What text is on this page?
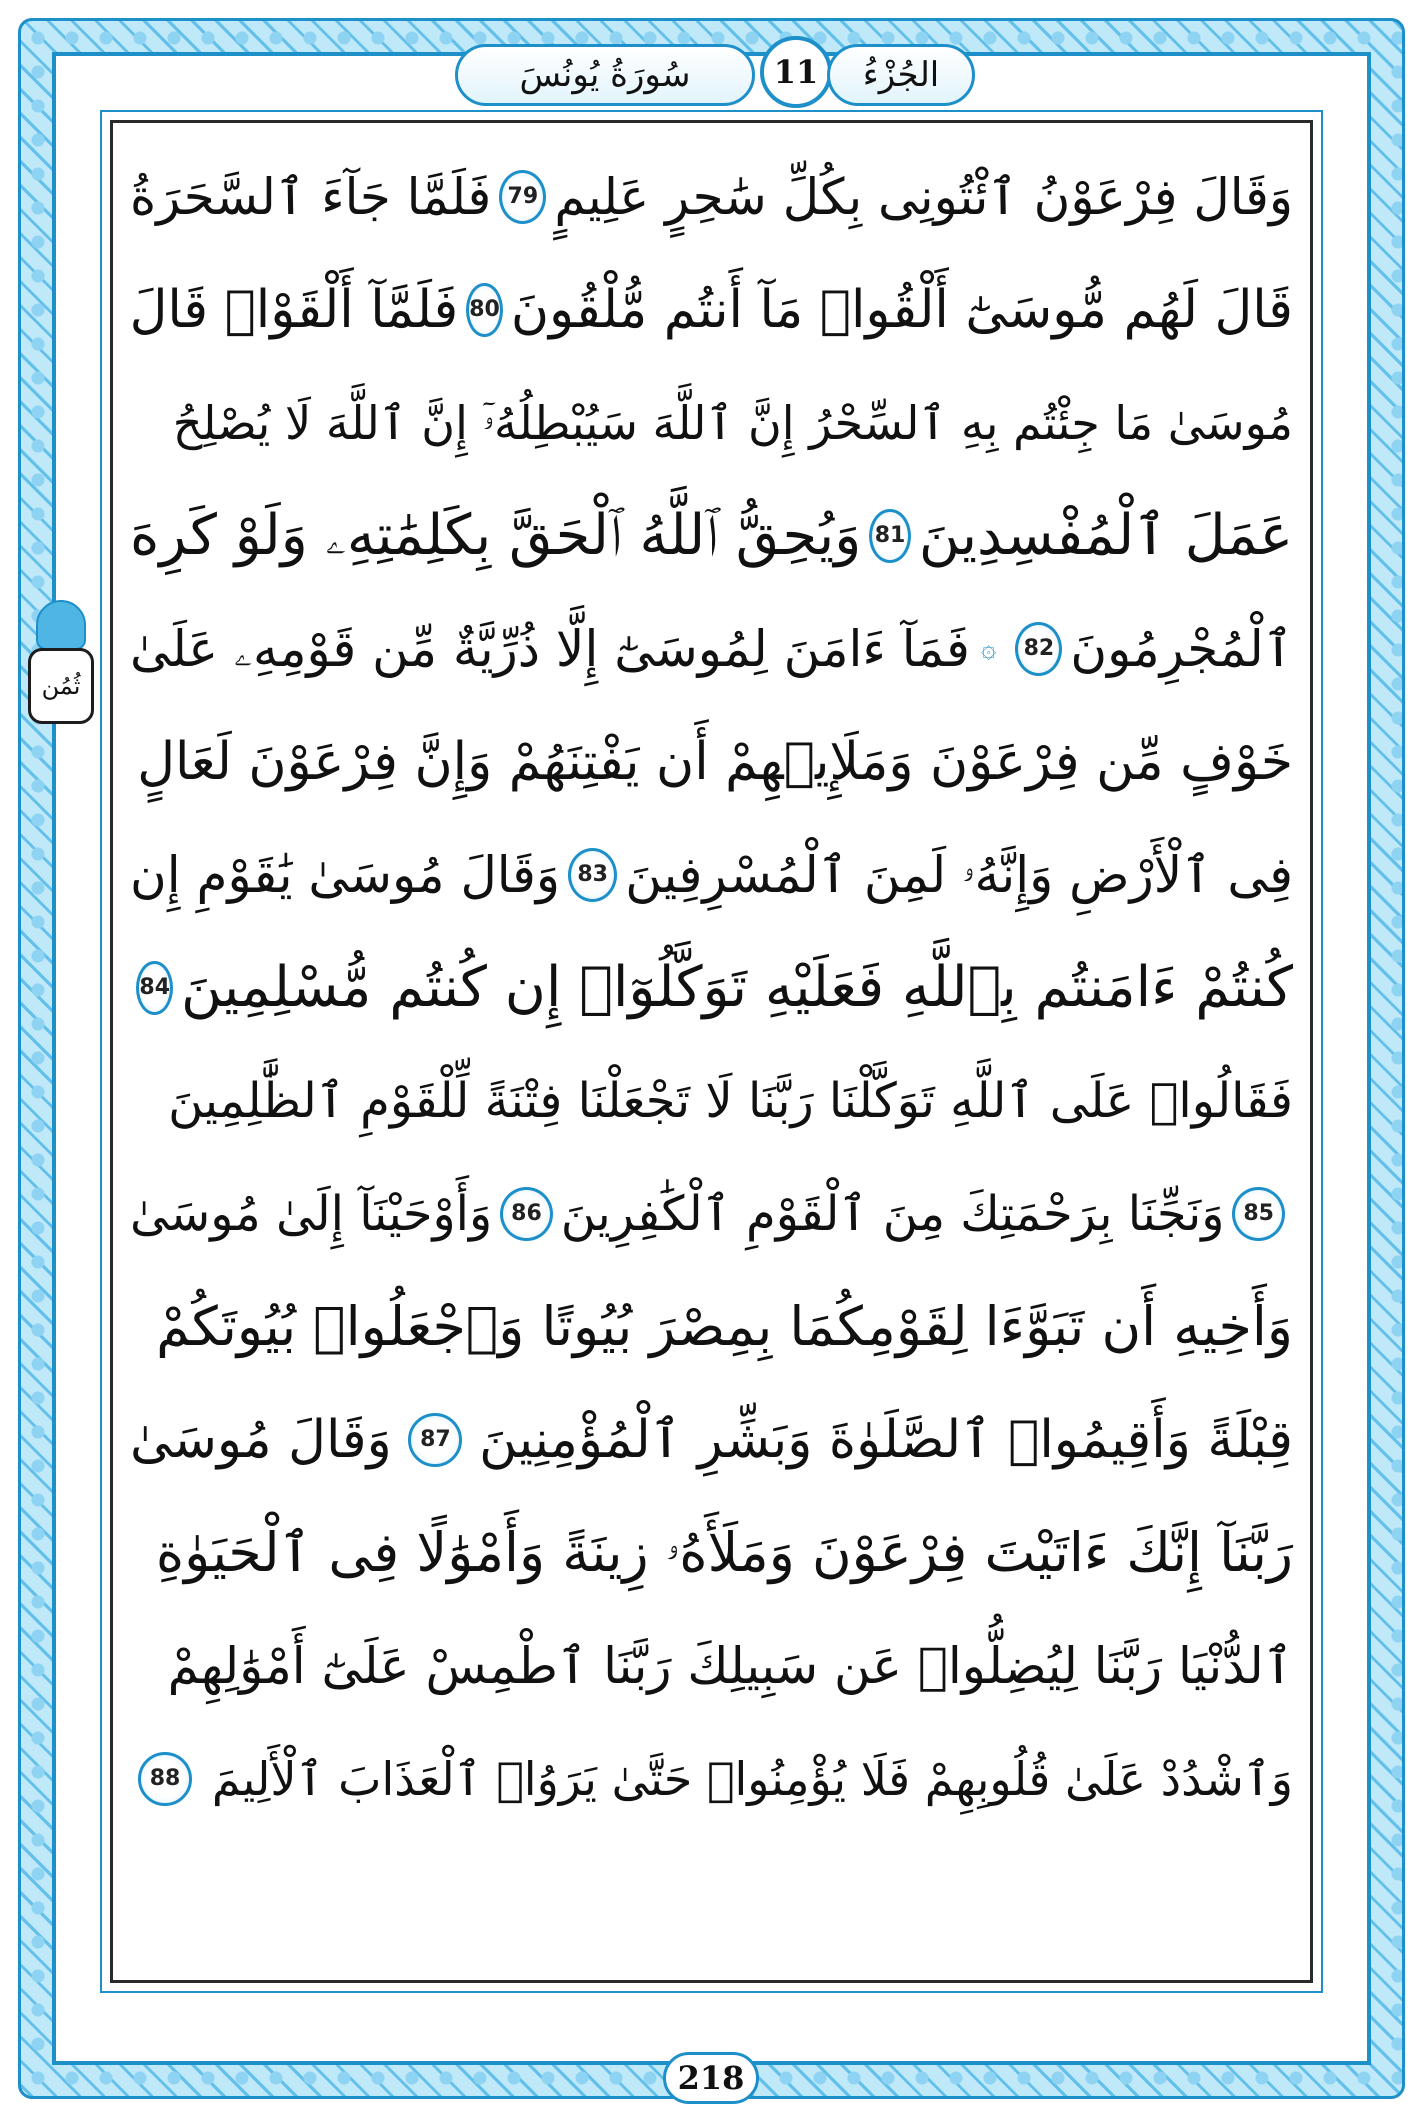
سُورَةُ يُونُسَ	11	الجُزْءُ
ثُمُن
وَقَالَ فِرْعَوْنُ ٱئْتُونِى بِكُلِّ سَٰحِرٍ عَلِيمٍ
79
فَلَمَّا جَآءَ ٱلسَّحَرَةُ
قَالَ لَهُم مُّوسَىٰٓ أَلْقُوا۟ مَآ أَنتُم مُّلْقُونَ
80
فَلَمَّآ أَلْقَوْا۟ قَالَ
مُوسَىٰ مَا جِئْتُم بِهِ ٱلسِّحْرُ إِنَّ ٱللَّهَ سَيُبْطِلُهُۥٓ إِنَّ ٱللَّهَ لَا يُصْلِحُ
عَمَلَ ٱلْمُفْسِدِينَ
81
وَيُحِقُّ ٱللَّهُ ٱلْحَقَّ بِكَلِمَٰتِهِۦ وَلَوْ كَرِهَ
ٱلْمُجْرِمُونَ
82
۞
فَمَآ ءَامَنَ لِمُوسَىٰٓ إِلَّا ذُرِّيَّةٌ مِّن قَوْمِهِۦ عَلَىٰ
خَوْفٍ مِّن فِرْعَوْنَ وَمَلَإِي۟هِمْ أَن يَفْتِنَهُمْ وَإِنَّ فِرْعَوْنَ لَعَالٍ
فِى ٱلْأَرْضِ وَإِنَّهُۥ لَمِنَ ٱلْمُسْرِفِينَ
83
وَقَالَ مُوسَىٰ يَٰقَوْمِ إِن
كُنتُمْ ءَامَنتُم بِٱللَّهِ فَعَلَيْهِ تَوَكَّلُوٓا۟ إِن كُنتُم مُّسْلِمِينَ
84
فَقَالُوا۟ عَلَى ٱللَّهِ تَوَكَّلْنَا رَبَّنَا لَا تَجْعَلْنَا فِتْنَةً لِّلْقَوْمِ ٱلظَّٰلِمِينَ
85
وَنَجِّنَا بِرَحْمَتِكَ مِنَ ٱلْقَوْمِ ٱلْكَٰفِرِينَ
86
وَأَوْحَيْنَآ إِلَىٰ مُوسَىٰ
وَأَخِيهِ أَن تَبَوَّءَا لِقَوْمِكُمَا بِمِصْرَ بُيُوتًا وَٱجْعَلُوا۟ بُيُوتَكُمْ
قِبْلَةً وَأَقِيمُوا۟ ٱلصَّلَوٰةَ وَبَشِّرِ ٱلْمُؤْمِنِينَ
87
وَقَالَ مُوسَىٰ
رَبَّنَآ إِنَّكَ ءَاتَيْتَ فِرْعَوْنَ وَمَلَأَهُۥ زِينَةً وَأَمْوَٰلًا فِى ٱلْحَيَوٰةِ
ٱلدُّنْيَا رَبَّنَا لِيُضِلُّوا۟ عَن سَبِيلِكَ رَبَّنَا ٱطْمِسْ عَلَىٰٓ أَمْوَٰلِهِمْ
وَٱشْدُدْ عَلَىٰ قُلُوبِهِمْ فَلَا يُؤْمِنُوا۟ حَتَّىٰ يَرَوُا۟ ٱلْعَذَابَ ٱلْأَلِيمَ
88
218
